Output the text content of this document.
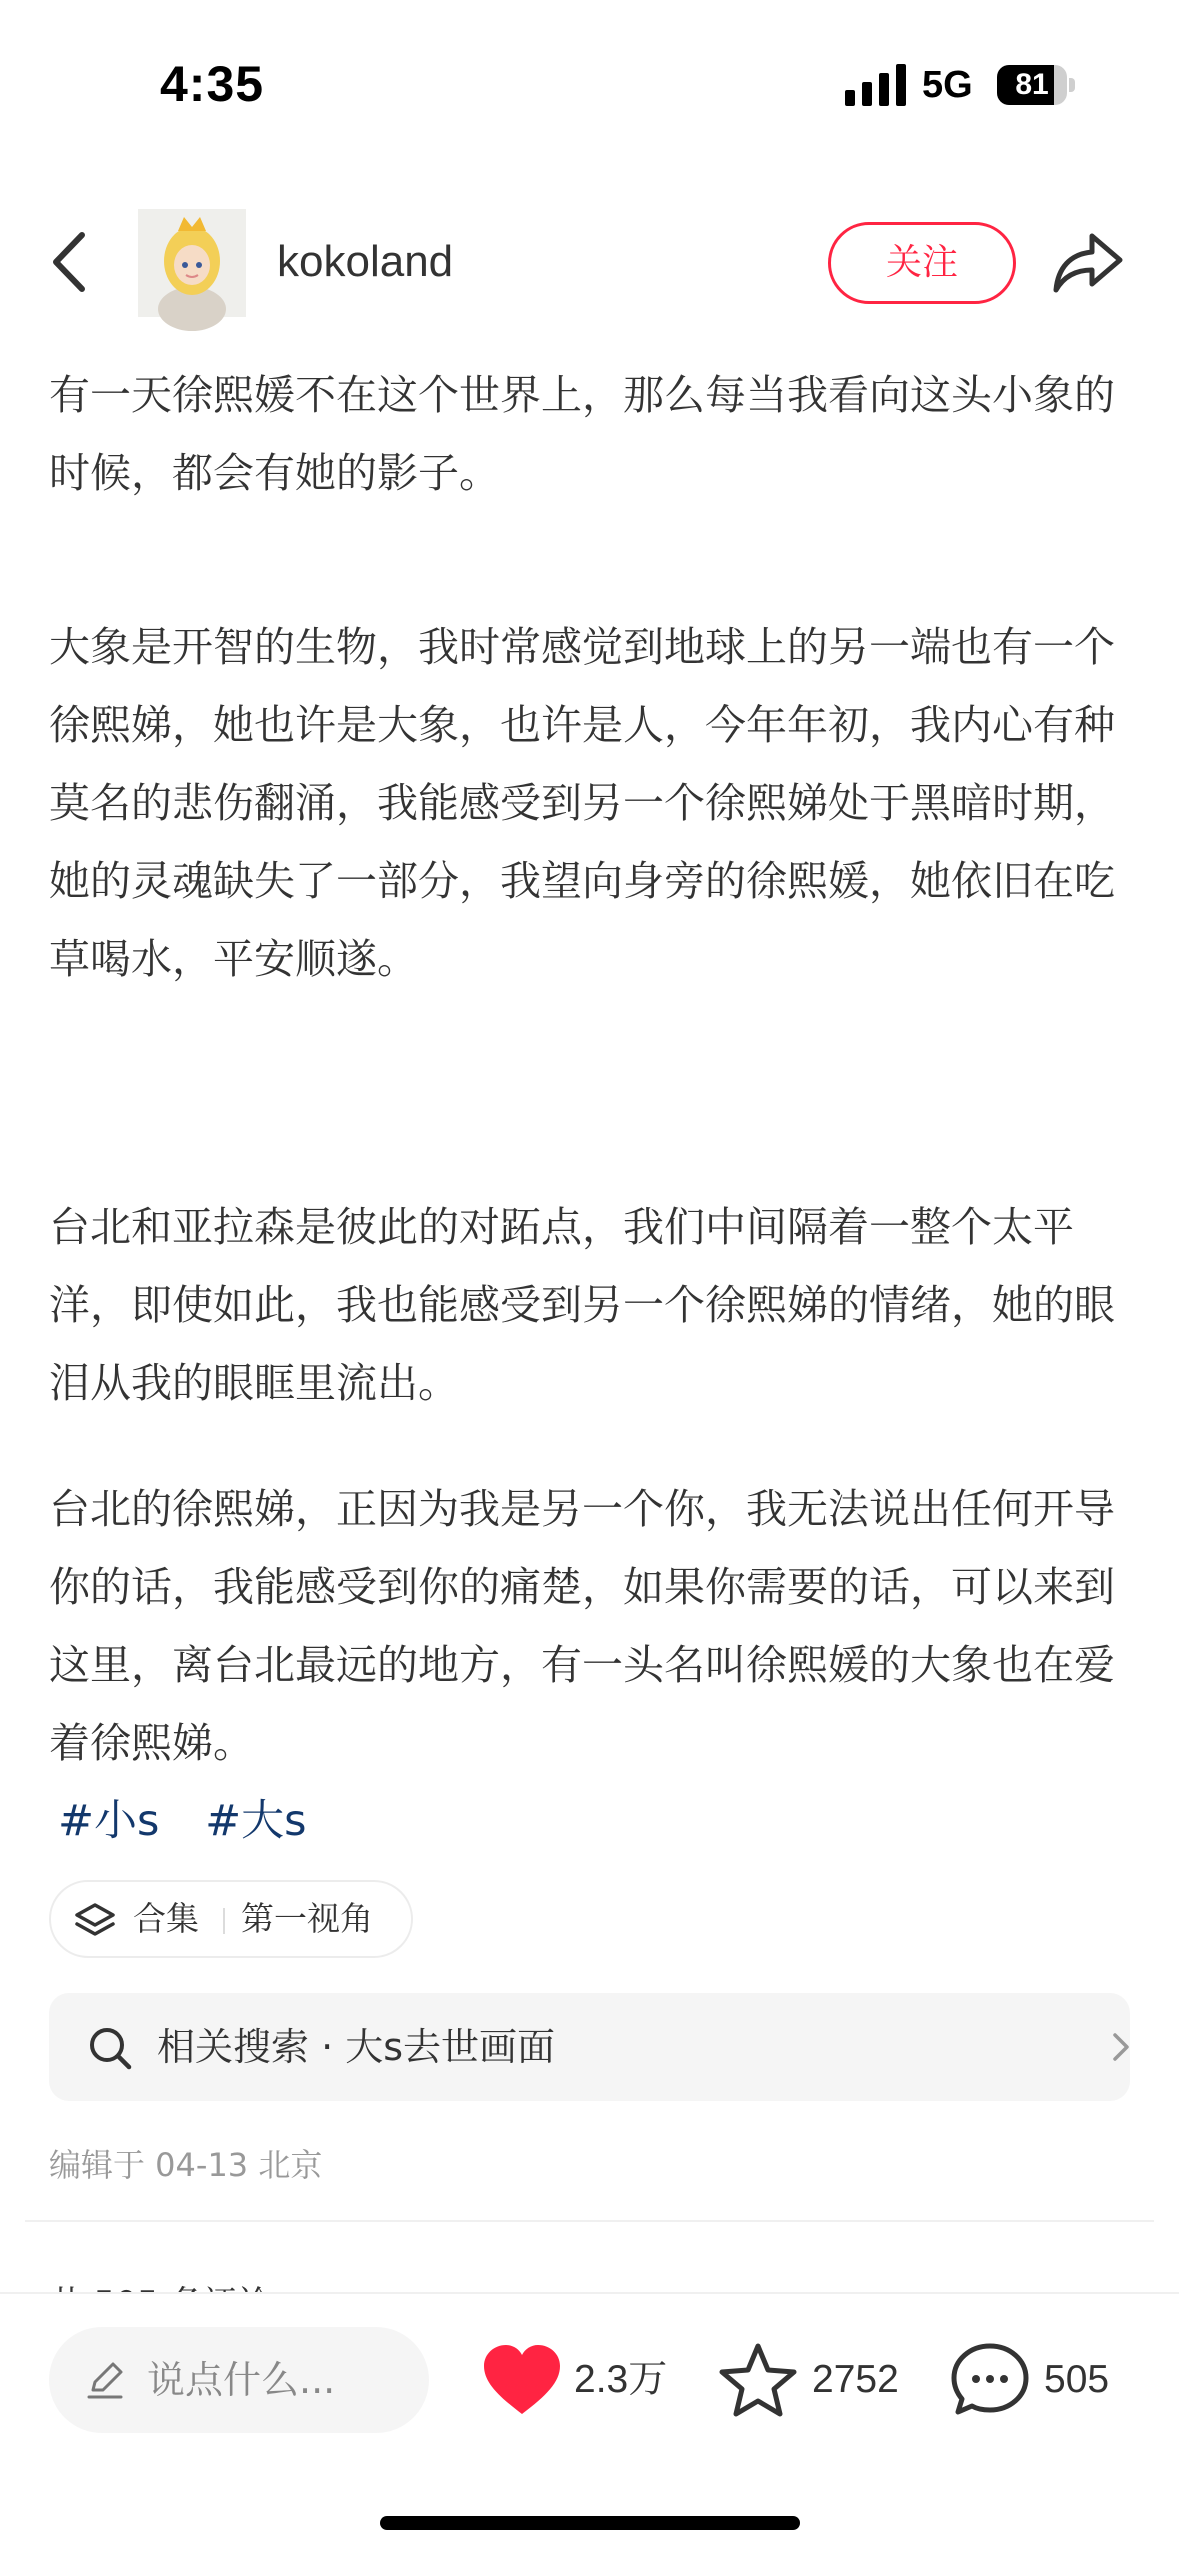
4:35	5G	81
kokoland	关注
有一天徐熙媛不在这个世界上，那么每当我看向这头小象的时候，都会有她的影子。
大象是开智的生物，我时常感觉到地球上的另一端也有一个徐熙娣，她也许是大象，也许是人，今年年初，我内心有种莫名的悲伤翻涌，我能感受到另一个徐熙娣处于黑暗时期，她的灵魂缺失了一部分，我望向身旁的徐熙媛，她依旧在吃草喝水，平安顺遂。
台北和亚拉森是彼此的对跖点，我们中间隔着一整个太平洋，即使如此，我也能感受到另一个徐熙娣的情绪，她的眼泪从我的眼眶里流出。
台北的徐熙娣，正因为我是另一个你，我无法说出任何开导你的话，我能感受到你的痛楚，如果你需要的话，可以来到这里，离台北最远的地方，有一头名叫徐熙媛的大象也在爱着徐熙娣。
#小s #大s
合集 第一视角
相关搜索 · 大s去世画面
编辑于 04-13 北京
说点什么...	2.3万	2752	505
